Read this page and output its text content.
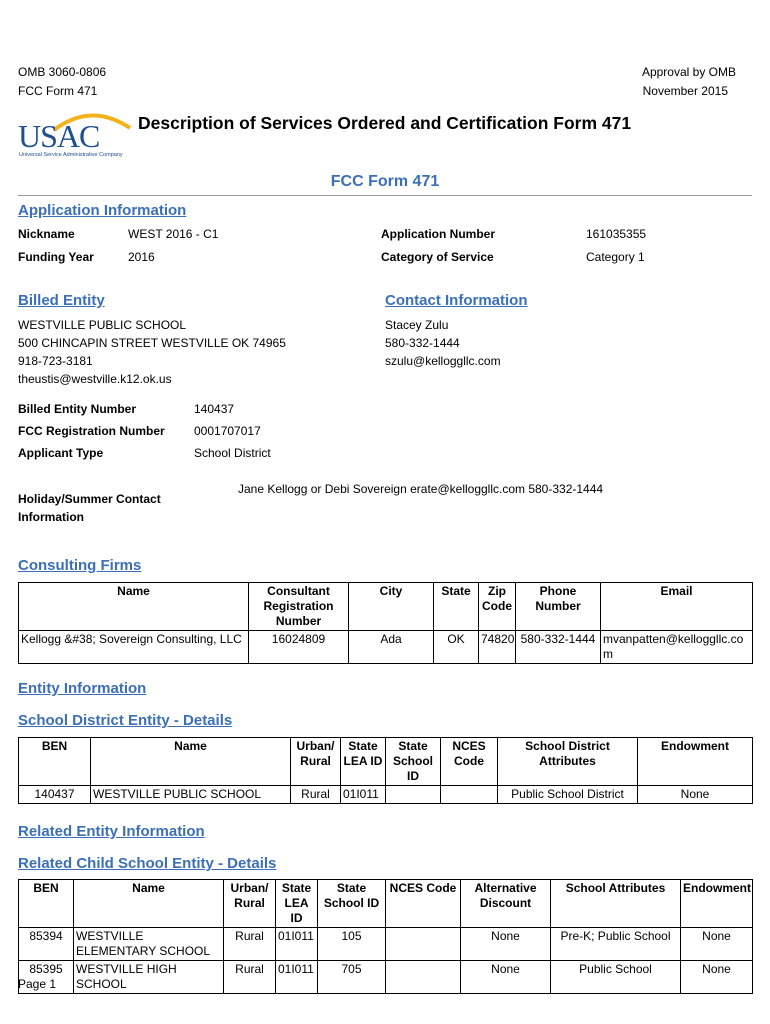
OMB 3060-0806
FCC Form 471
Approval by OMB
November 2015
USAC
Universal Service Administrative Company
Description of Services Ordered and Certification Form 471
FCC Form 471
Application Information
Nickname	WEST 2016 - C1
Funding Year	2016
Application Number	161035355
Category of Service	Category 1
Billed Entity
WESTVILLE PUBLIC SCHOOL
500 CHINCAPIN STREET WESTVILLE OK 74965
918-723-3181
theustis@westville.k12.ok.us
Billed Entity Number	140437
FCC Registration Number 0001707017
Applicant Type	School District
Holiday/Summer Contact Information
Jane Kellogg or Debi Sovereign erate@kelloggllc.com 580-332-1444
Contact Information
Stacey Zulu
580-332-1444
szulu@kelloggllc.com
Consulting Firms
Name	Consultant Registration Number	City	State	Zip Code	Phone Number	Email
Kellogg &#38; Sovereign Consulting, LLC	16024809	Ada	OK	74820	580-332-1444	mvanpatten@kelloggllc.com
Entity Information
School District Entity - Details
BEN	Name	Urban/ Rural	State LEA ID	State School ID	NCES Code	School District Attributes	Endowment
140437	WESTVILLE PUBLIC SCHOOL	Rural	01I011			Public School District	None
Related Entity Information
Related Child School Entity - Details
BEN	Name	Urban/ Rural	State LEA ID	State School ID	NCES Code	Alternative Discount	School Attributes	Endowment
85394	WESTVILLE ELEMENTARY SCHOOL	Rural	01I011	105		None	Pre-K; Public School	None
85395	WESTVILLE HIGH SCHOOL	Rural	01I011	705		None	Public School	None
Page 1
